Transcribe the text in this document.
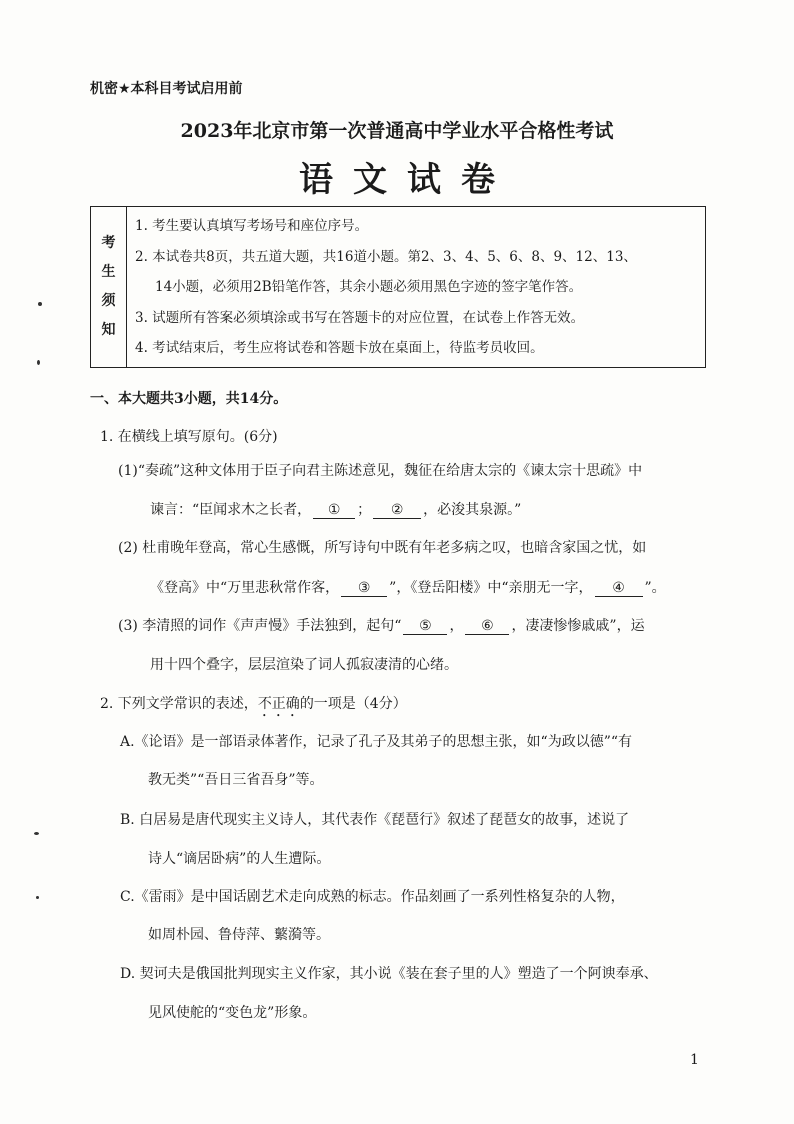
机密★本科目考试启用前
2023年北京市第一次普通高中学业水平合格性考试
语文试卷
考
生
须
知
1. 考生要认真填写考场号和座位序号。
2. 本试卷共8页，共五道大题，共16道小题。第2、3、4、5、6、8、9、12、13、
14小题，必须用2B铅笔作答，其余小题必须用黑色字迹的签字笔作答。
3. 试题所有答案必须填涂或书写在答题卡的对应位置，在试卷上作答无效。
4. 考试结束后，考生应将试卷和答题卡放在桌面上，待监考员收回。
一、本大题共3小题，共14分。
1. 在横线上填写原句。(6分)
(1)“奏疏”这种文体用于臣子向君主陈述意见，魏征在给唐太宗的《谏太宗十思疏》中
谏言：“臣闻求木之长者， ① ； ② ，必浚其泉源。”
(2) 杜甫晚年登高，常心生感慨，所写诗句中既有年老多病之叹，也暗含家国之忧，如
《登高》中“万里悲秋常作客， ③ ”，《登岳阳楼》中“亲朋无一字， ④ ”。
(3) 李清照的词作《声声慢》手法独到，起句“ ⑤ ， ⑥ ，凄凄惨惨戚戚”，运
用十四个叠字，层层渲染了词人孤寂凄清的心绪。
2. 下列文学常识的表述，不正确的一项是（4分）
A.《论语》是一部语录体著作，记录了孔子及其弟子的思想主张，如“为政以德”“有
教无类”“吾日三省吾身”等。
B. 白居易是唐代现实主义诗人，其代表作《琵琶行》叙述了琵琶女的故事，述说了
诗人“谪居卧病”的人生遭际。
C.《雷雨》是中国话剧艺术走向成熟的标志。作品刻画了一系列性格复杂的人物，
如周朴园、鲁侍萍、蘩漪等。
D. 契诃夫是俄国批判现实主义作家，其小说《装在套子里的人》塑造了一个阿谀奉承、
见风使舵的“变色龙”形象。
1
